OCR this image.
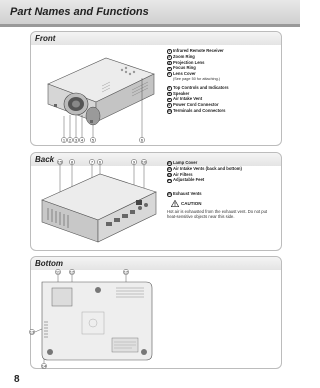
Part Names and Functions
Front
1 2 3 4 5	6
1 Infrared Remote Receiver
2 Zoom Ring
3 Projection Lens
4 Focus Ring
5 Lens Cover
(See page 50 for attaching.)
6 Top Controls and Indicators
7 Speaker
8 Air Intake Vent
9 Power Cord Connector
10 Terminals and Connectors
Back 15 8	7 6	9 10	11 Lamp Cover
12 Air Intake Vents (back and bottom)
13 Air Filters
14 Adjustable Feet
15 Exhaust Vents
CAUTION
Hot air is exhausted from the exhaust vent. Do not put heat-sensitive objects near this side.
Bottom
11 12	12
13
14
8
